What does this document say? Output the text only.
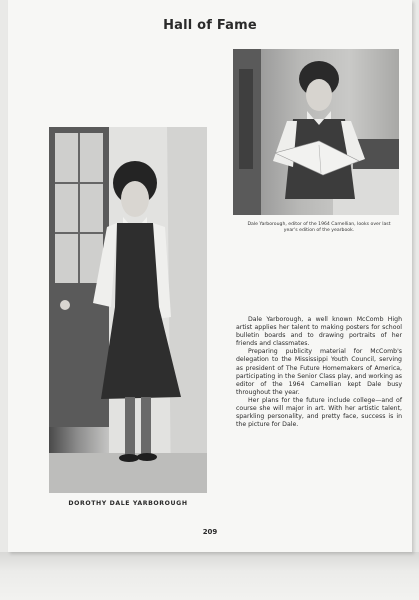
Hall of Fame
Dale Yarborough, editor of the 1964 Camellian, looks over last year's edition of the yearbook.
DOROTHY DALE YARBOROUGH

Dale Yarborough, a well known McComb High artist applies her talent to making posters for school bulletin boards and to drawing portraits of her friends and classmates.

Preparing publicity material for McComb's delegation to the Mississippi Youth Council, serving as president of The Future Homemakers of America, participating in the Senior Class play, and working as editor of the 1964 Camellian kept Dale busy throughout the year.

Her plans for the future include college—and of course she will major in art. With her artistic talent, sparkling personality, and pretty face, success is in the picture for Dale.

209
